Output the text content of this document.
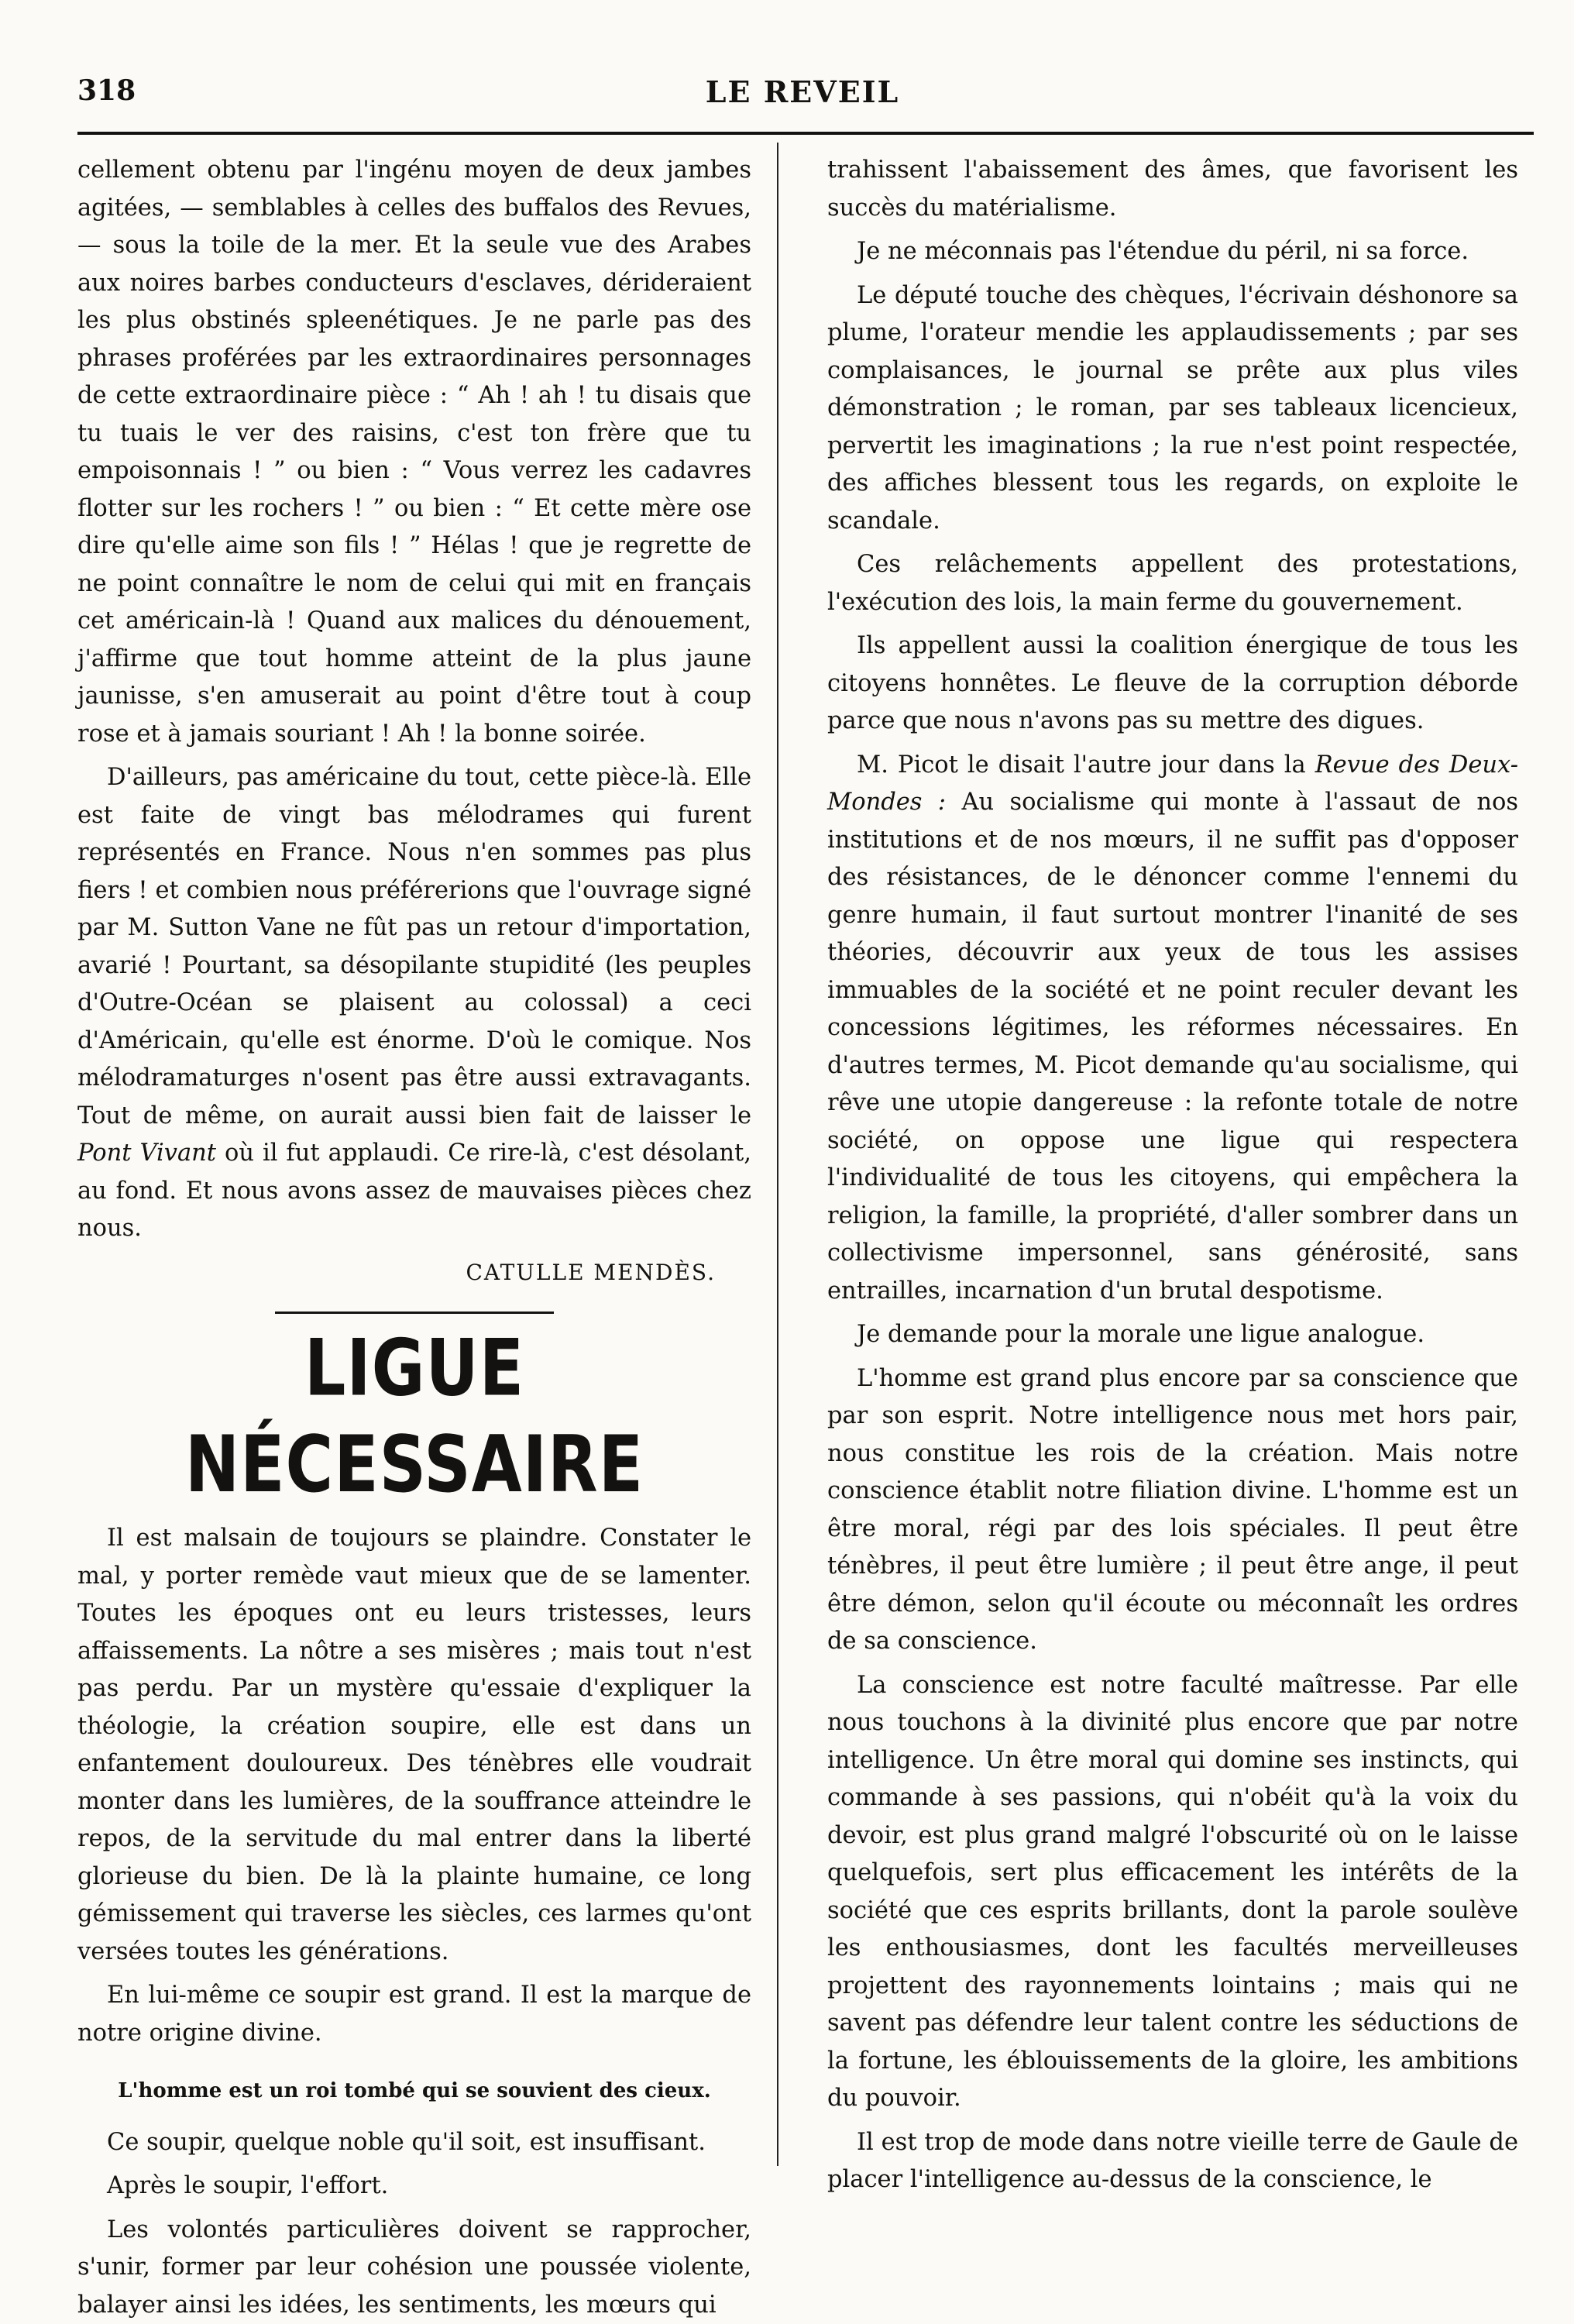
318	LE REVEIL

cellement obtenu par l'ingénu moyen de deux jambes agitées, — semblables à celles des buffalos des Revues, — sous la toile de la mer. Et la seule vue des Arabes aux noires barbes conducteurs d'esclaves, dérideraient les plus obstinés spleenétiques. Je ne parle pas des phrases proférées par les extraordinaires personnages de cette extraordinaire pièce : “ Ah ! ah ! tu disais que tu tuais le ver des raisins, c'est ton frère que tu empoisonnais ! ” ou bien : “ Vous verrez les cadavres flotter sur les rochers ! ” ou bien : “ Et cette mère ose dire qu'elle aime son fils ! ” Hélas ! que je regrette de ne point connaître le nom de celui qui mit en français cet américain-là ! Quand aux malices du dénouement, j'affirme que tout homme atteint de la plus jaune jaunisse, s'en amuserait au point d'être tout à coup rose et à jamais souriant ! Ah ! la bonne soirée.

D'ailleurs, pas américaine du tout, cette pièce-là. Elle est faite de vingt bas mélodrames qui furent représentés en France. Nous n'en sommes pas plus fiers ! et combien nous préférerions que l'ouvrage signé par M. Sutton Vane ne fût pas un retour d'importation, avarié ! Pourtant, sa désopilante stupidité (les peuples d'Outre-Océan se plaisent au colossal) a ceci d'Américain, qu'elle est énorme. D'où le comique. Nos mélodramaturges n'osent pas être aussi extravagants. Tout de même, on aurait aussi bien fait de laisser le Pont Vivant où il fut applaudi. Ce rire-là, c'est désolant, au fond. Et nous avons assez de mauvaises pièces chez nous.

CATULLE MENDÈS.

LIGUE NÉCESSAIRE

Il est malsain de toujours se plaindre. Constater le mal, y porter remède vaut mieux que de se lamenter. Toutes les époques ont eu leurs tristesses, leurs affaissements. La nôtre a ses misères ; mais tout n'est pas perdu. Par un mystère qu'essaie d'expliquer la théologie, la création soupire, elle est dans un enfantement douloureux. Des ténèbres elle voudrait monter dans les lumières, de la souffrance atteindre le repos, de la servitude du mal entrer dans la liberté glorieuse du bien. De là la plainte humaine, ce long gémissement qui traverse les siècles, ces larmes qu'ont versées toutes les générations.

En lui-même ce soupir est grand. Il est la marque de notre origine divine.

L'homme est un roi tombé qui se souvient des cieux.

Ce soupir, quelque noble qu'il soit, est insuffisant.

Après le soupir, l'effort.

Les volontés particulières doivent se rapprocher, s'unir, former par leur cohésion une poussée violente, balayer ainsi les idées, les sentiments, les mœurs qui

trahissent l'abaissement des âmes, que favorisent les succès du matérialisme.

Je ne méconnais pas l'étendue du péril, ni sa force.

Le député touche des chèques, l'écrivain déshonore sa plume, l'orateur mendie les applaudissements ; par ses complaisances, le journal se prête aux plus viles démonstration ; le roman, par ses tableaux licencieux, pervertit les imaginations ; la rue n'est point respectée, des affiches blessent tous les regards, on exploite le scandale.

Ces relâchements appellent des protestations, l'exécution des lois, la main ferme du gouvernement.

Ils appellent aussi la coalition énergique de tous les citoyens honnêtes. Le fleuve de la corruption déborde parce que nous n'avons pas su mettre des digues.

M. Picot le disait l'autre jour dans la Revue des Deux-Mondes : Au socialisme qui monte à l'assaut de nos institutions et de nos mœurs, il ne suffit pas d'opposer des résistances, de le dénoncer comme l'ennemi du genre humain, il faut surtout montrer l'inanité de ses théories, découvrir aux yeux de tous les assises immuables de la société et ne point reculer devant les concessions légitimes, les réformes nécessaires. En d'autres termes, M. Picot demande qu'au socialisme, qui rêve une utopie dangereuse : la refonte totale de notre société, on oppose une ligue qui respectera l'individualité de tous les citoyens, qui empêchera la religion, la famille, la propriété, d'aller sombrer dans un collectivisme impersonnel, sans générosité, sans entrailles, incarnation d'un brutal despotisme.

Je demande pour la morale une ligue analogue.

L'homme est grand plus encore par sa conscience que par son esprit. Notre intelligence nous met hors pair, nous constitue les rois de la création. Mais notre conscience établit notre filiation divine. L'homme est un être moral, régi par des lois spéciales. Il peut être ténèbres, il peut être lumière ; il peut être ange, il peut être démon, selon qu'il écoute ou méconnaît les ordres de sa conscience.

La conscience est notre faculté maîtresse. Par elle nous touchons à la divinité plus encore que par notre intelligence. Un être moral qui domine ses instincts, qui commande à ses passions, qui n'obéit qu'à la voix du devoir, est plus grand malgré l'obscurité où on le laisse quelquefois, sert plus efficacement les intérêts de la société que ces esprits brillants, dont la parole soulève les enthousiasmes, dont les facultés merveilleuses projettent des rayonnements lointains ; mais qui ne savent pas défendre leur talent contre les séductions de la fortune, les éblouissements de la gloire, les ambitions du pouvoir.

Il est trop de mode dans notre vieille terre de Gaule de placer l'intelligence au-dessus de la conscience, le
